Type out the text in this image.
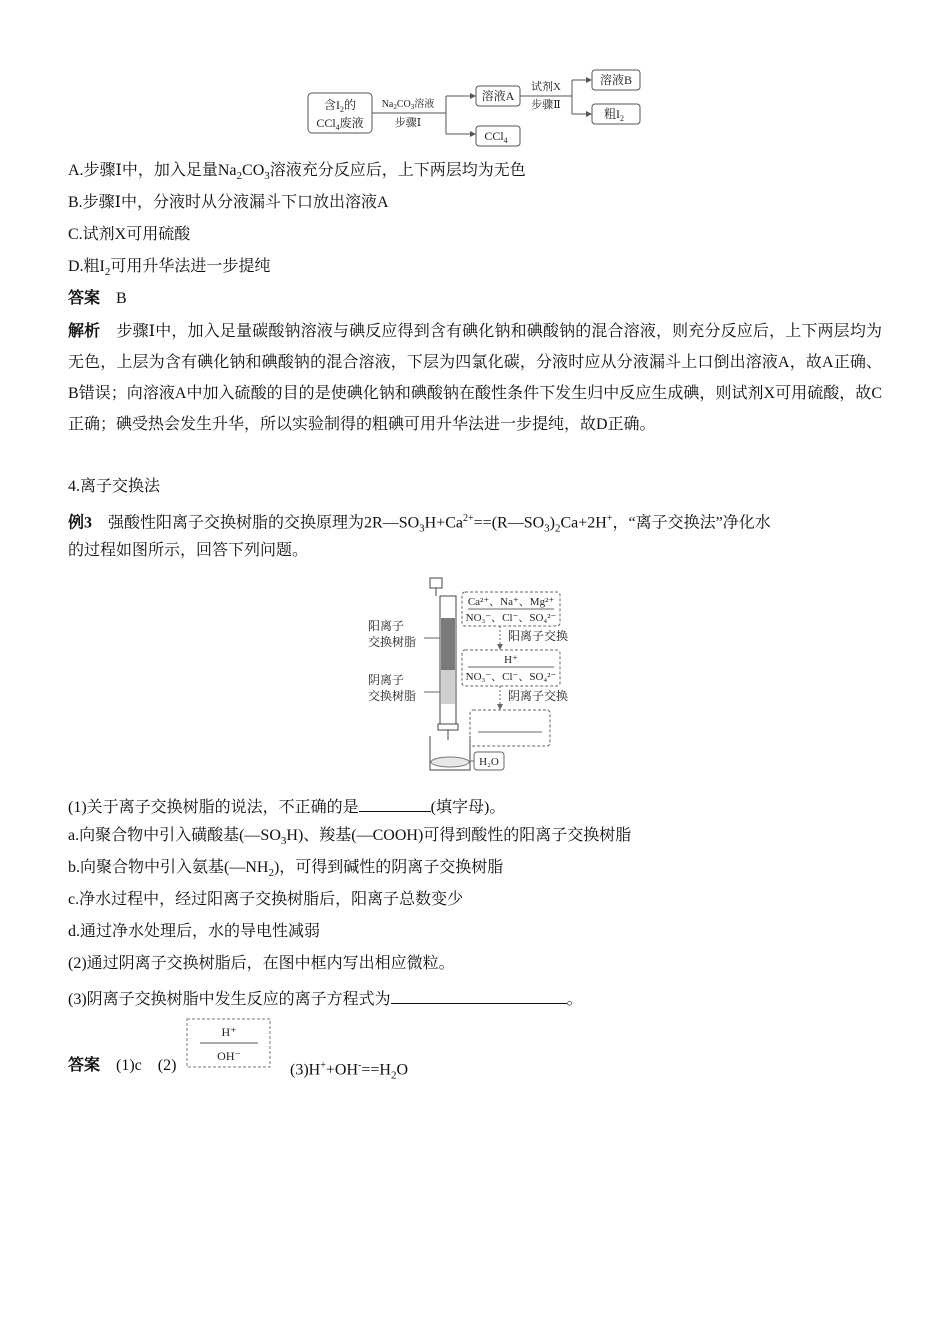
含$I_2$的
CCl$_4$废液
$Na_2CO_3$溶液
步骤Ⅰ
溶液A
CCl$_4$
试剂X
步骤Ⅱ
溶液B
粗$I_2$
A.步骤Ⅰ中，加入足量$Na_2CO_3$溶液充分反应后，上下两层均为无色
B.步骤Ⅰ中，分液时从分液漏斗下口放出溶液A
C.试剂X可用硫酸
D.粗$I_2$可用升华法进一步提纯
答案 B
解析 步骤Ⅰ中，加入足量碳酸钠溶液与碘反应得到含有碘化钠和碘酸钠的混合溶液，则充分反应后，上下两层均为无色，上层为含有碘化钠和碘酸钠的混合溶液，下层为四氯化碳，分液时应从分液漏斗上口倒出溶液A，故A正确、B错误；向溶液A中加入硫酸的目的是使碘化钠和碘酸钠在酸性条件下发生归中反应生成碘，则试剂X可用硫酸，故C正确；碘受热会发生升华，所以实验制得的粗碘可用升华法进一步提纯，故D正确。
4.离子交换法
例3 强酸性阳离子交换树脂的交换原理为$2R—SO_3H+Ca^{2+}==(R—SO_3)_2Ca+2H^+$，“离子交换法”净化水
的过程如图所示，回答下列问题。
阳离子
交换树脂
阴离子
交换树脂
Ca²⁺、Na⁺、Mg²⁺
NO₃⁻、Cl⁻、SO₄²⁻
阳离子交换
H⁺
NO₃⁻、Cl⁻、SO₄²⁻
阴离子交换
H₂O
(1)关于离子交换树脂的说法，不正确的是	(填字母)。
a.向聚合物中引入磺酸基$(—SO_3H)$、羧基(—COOH)可得到酸性的阳离子交换树脂
b.向聚合物中引入氨基$(—NH_2)$，可得到碱性的阴离子交换树脂
c.净水过程中，经过阳离子交换树脂后，阳离子总数变少
d.通过净水处理后，水的导电性减弱
(2)通过阴离子交换树脂后，在图中框内写出相应微粒。
(3)阴离子交换树脂中发生反应的离子方程式为	。
答案 (1)c (2)
H⁺
OH⁻
$(3)H^++OH^-==H_2O$
